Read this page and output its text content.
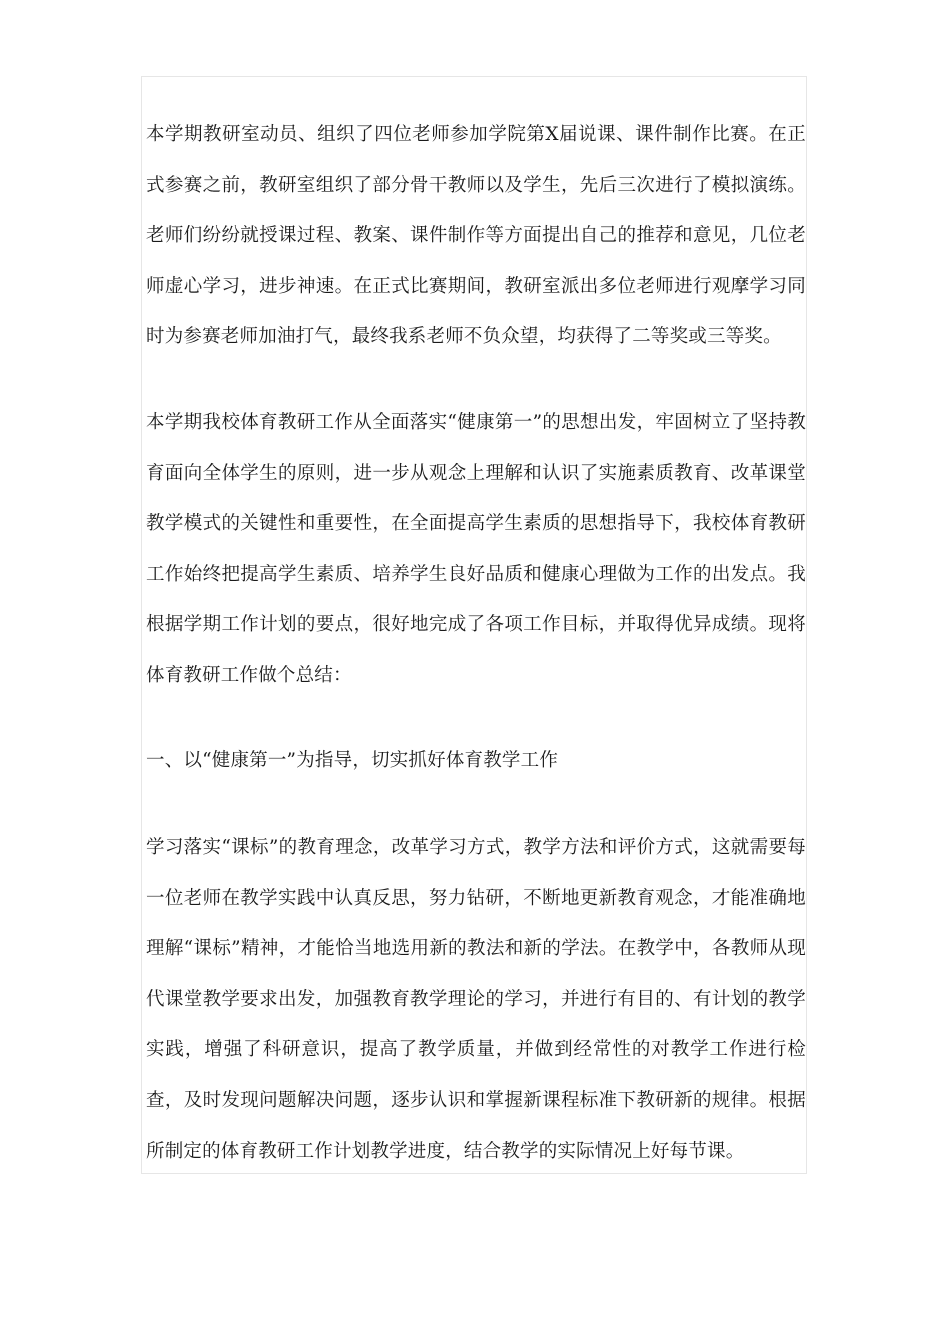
本学期教研室动员、组织了四位老师参加学院第X届说课、课件制作比赛。在正式参赛之前，教研室组织了部分骨干教师以及学生，先后三次进行了模拟演练。老师们纷纷就授课过程、教案、课件制作等方面提出自己的推荐和意见，几位老师虚心学习，进步神速。在正式比赛期间，教研室派出多位老师进行观摩学习同时为参赛老师加油打气，最终我系老师不负众望，均获得了二等奖或三等奖。

本学期我校体育教研工作从全面落实“健康第一”的思想出发，牢固树立了坚持教育面向全体学生的原则，进一步从观念上理解和认识了实施素质教育、改革课堂教学模式的关键性和重要性，在全面提高学生素质的思想指导下，我校体育教研工作始终把提高学生素质、培养学生良好品质和健康心理做为工作的出发点。我根据学期工作计划的要点，很好地完成了各项工作目标，并取得优异成绩。现将体育教研工作做个总结：

一、以“健康第一”为指导，切实抓好体育教学工作

学习落实“课标”的教育理念，改革学习方式，教学方法和评价方式，这就需要每一位老师在教学实践中认真反思，努力钻研，不断地更新教育观念，才能准确地理解“课标”精神，才能恰当地选用新的教法和新的学法。在教学中，各教师从现代课堂教学要求出发，加强教育教学理论的学习，并进行有目的、有计划的教学实践，增强了科研意识，提高了教学质量，并做到经常性的对教学工作进行检查，及时发现问题解决问题，逐步认识和掌握新课程标准下教研新的规律。根据所制定的体育教研工作计划教学进度，结合教学的实际情况上好每节课。
